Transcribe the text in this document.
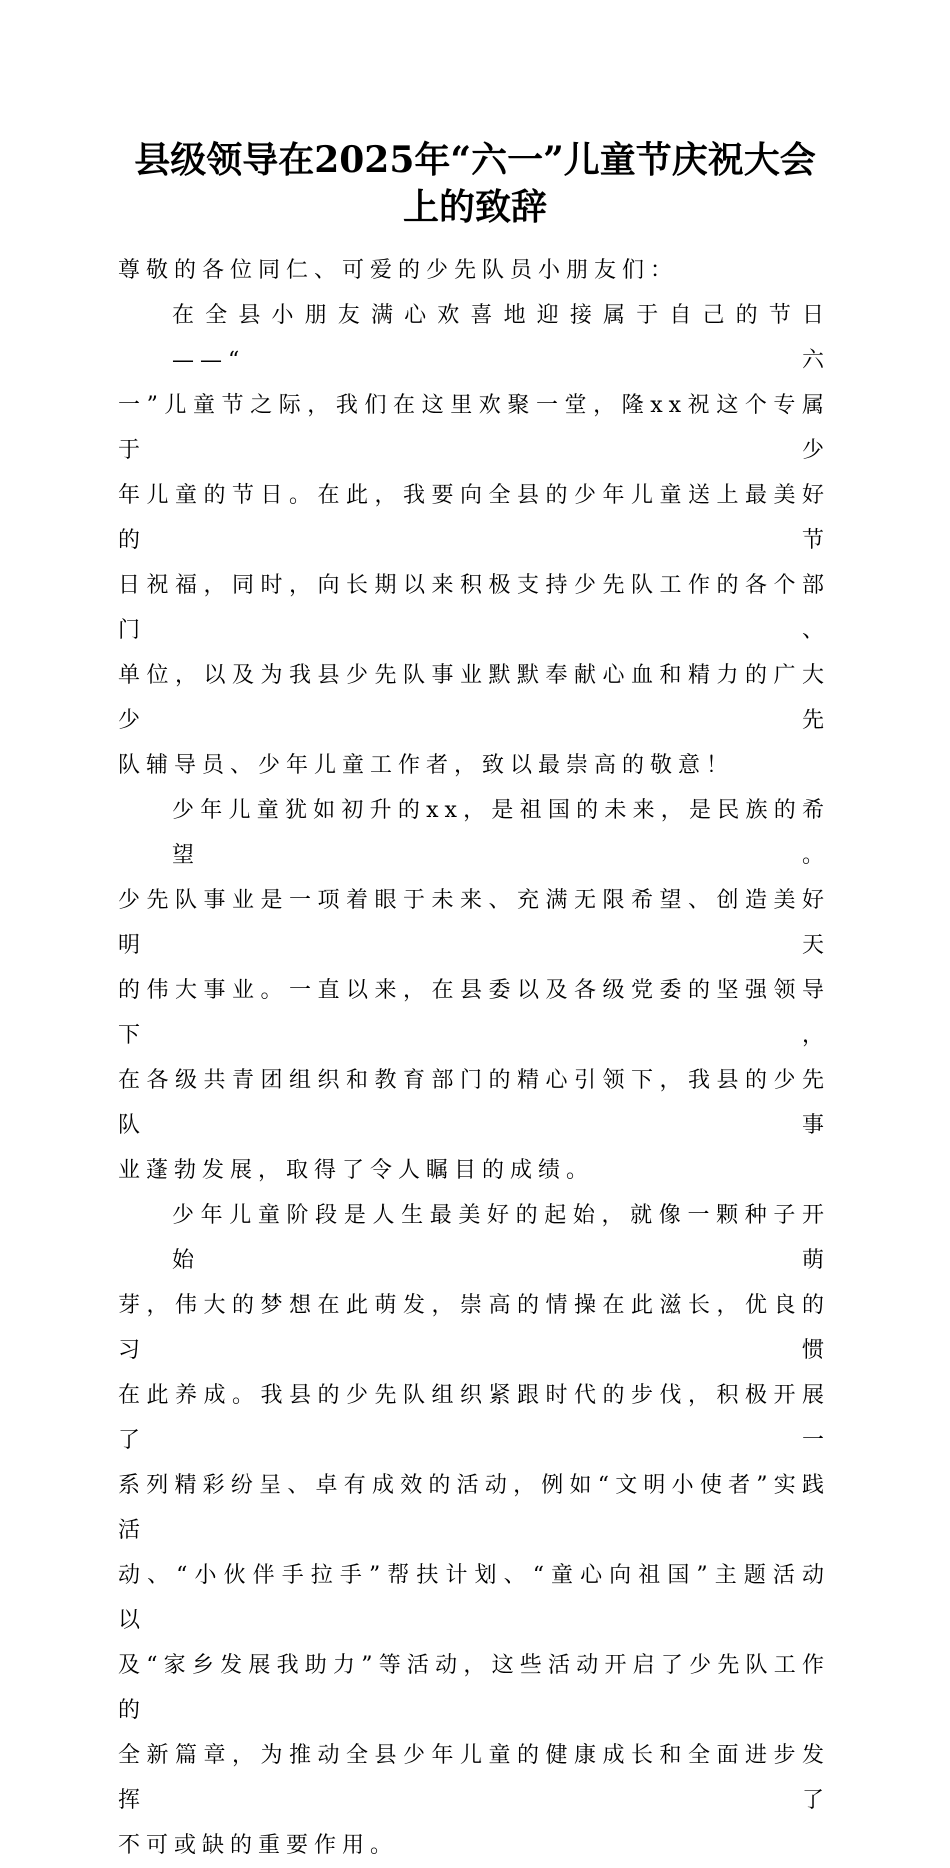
县级领导在2025年“六一”儿童节庆祝大会
上的致辞
尊敬的各位同仁、可爱的少先队员小朋友们：
在全县小朋友满心欢喜地迎接属于自己的节日——“六
一”儿童节之际，我们在这里欢聚一堂，隆xx祝这个专属于少
年儿童的节日。在此，我要向全县的少年儿童送上最美好的节
日祝福，同时，向长期以来积极支持少先队工作的各个部门、
单位，以及为我县少先队事业默默奉献心血和精力的广大少先
队辅导员、少年儿童工作者，致以最崇高的敬意！
少年儿童犹如初升的xx，是祖国的未来，是民族的希望。
少先队事业是一项着眼于未来、充满无限希望、创造美好明天
的伟大事业。一直以来，在县委以及各级党委的坚强领导下，
在各级共青团组织和教育部门的精心引领下，我县的少先队事
业蓬勃发展，取得了令人瞩目的成绩。
少年儿童阶段是人生最美好的起始，就像一颗种子开始萌
芽，伟大的梦想在此萌发，崇高的情操在此滋长，优良的习惯
在此养成。我县的少先队组织紧跟时代的步伐，积极开展了一
系列精彩纷呈、卓有成效的活动，例如“文明小使者”实践活
动、“小伙伴手拉手”帮扶计划、“童心向祖国”主题活动以
及“家乡发展我助力”等活动，这些活动开启了少先队工作的
全新篇章，为推动全县少年儿童的健康成长和全面进步发挥了
不可或缺的重要作用。
